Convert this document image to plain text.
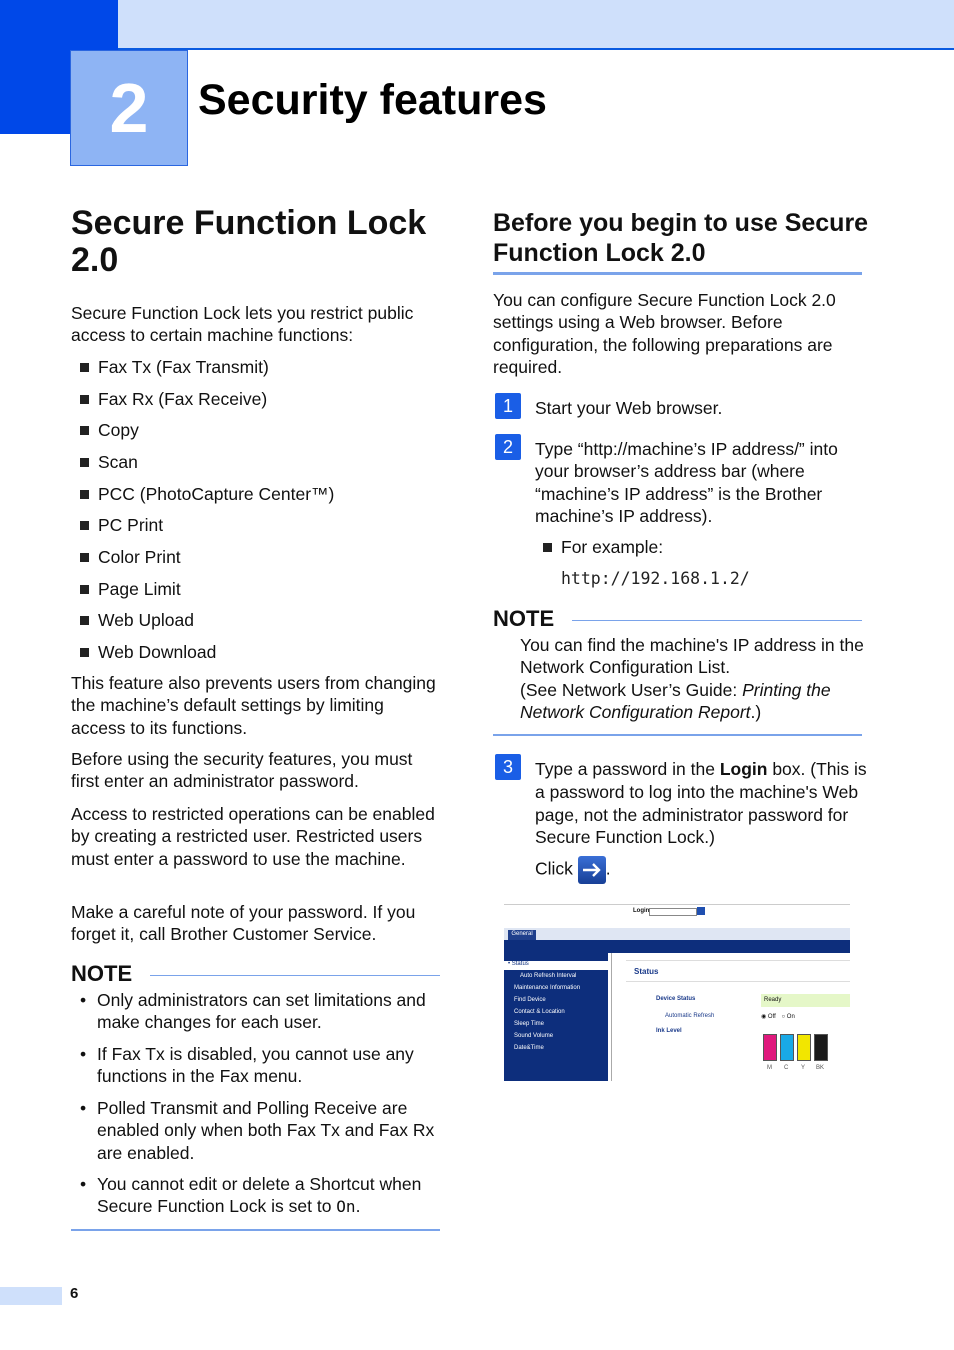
2	Security features
Secure Function Lock 2.0

Secure Function Lock lets you restrict public access to certain machine functions:

Fax Tx (Fax Transmit)
Fax Rx (Fax Receive)
Copy
Scan
PCC (PhotoCapture Center™)
PC Print
Color Print
Page Limit
Web Upload
Web Download

This feature also prevents users from changing the machine’s default settings by limiting access to its functions.

Before using the security features, you must first enter an administrator password.

Access to restricted operations can be enabled by creating a restricted user. Restricted users must enter a password to use the machine.

Make a careful note of your password. If you forget it, call Brother Customer Service.

NOTE
• Only administrators can set limitations and make changes for each user.
• If Fax Tx is disabled, you cannot use any functions in the Fax menu.
• Polled Transmit and Polling Receive are enabled only when both Fax Tx and Fax Rx are enabled.
• You cannot edit or delete a Shortcut when Secure Function Lock is set to On.
Before you begin to use Secure Function Lock 2.0

You can configure Secure Function Lock 2.0 settings using a Web browser. Before configuration, the following preparations are required.

1	Start your Web browser.

2	Type “http://machine’s IP address/” into your browser’s address bar (where “machine’s IP address” is the Brother machine’s IP address).

For example:
http://192.168.1.2/
NOTE

You can find the machine's IP address in the Network Configuration List.

(See Network User’s Guide: Printing the Network Configuration Report.)

3	Type a password in the Login box. (This is a password to log into the machine's Web page, not the administrator password for Secure Function Lock.)

Click .
Login
General
• Status
Auto Refresh Interval
Maintenance Information
Find Device
Contact & Location
Sleep Time
Sound Volume
Date&Time
Status
Device Status	Ready
Automatic Refresh	◉ Off ○ On
Ink Level
M C Y BK
6
